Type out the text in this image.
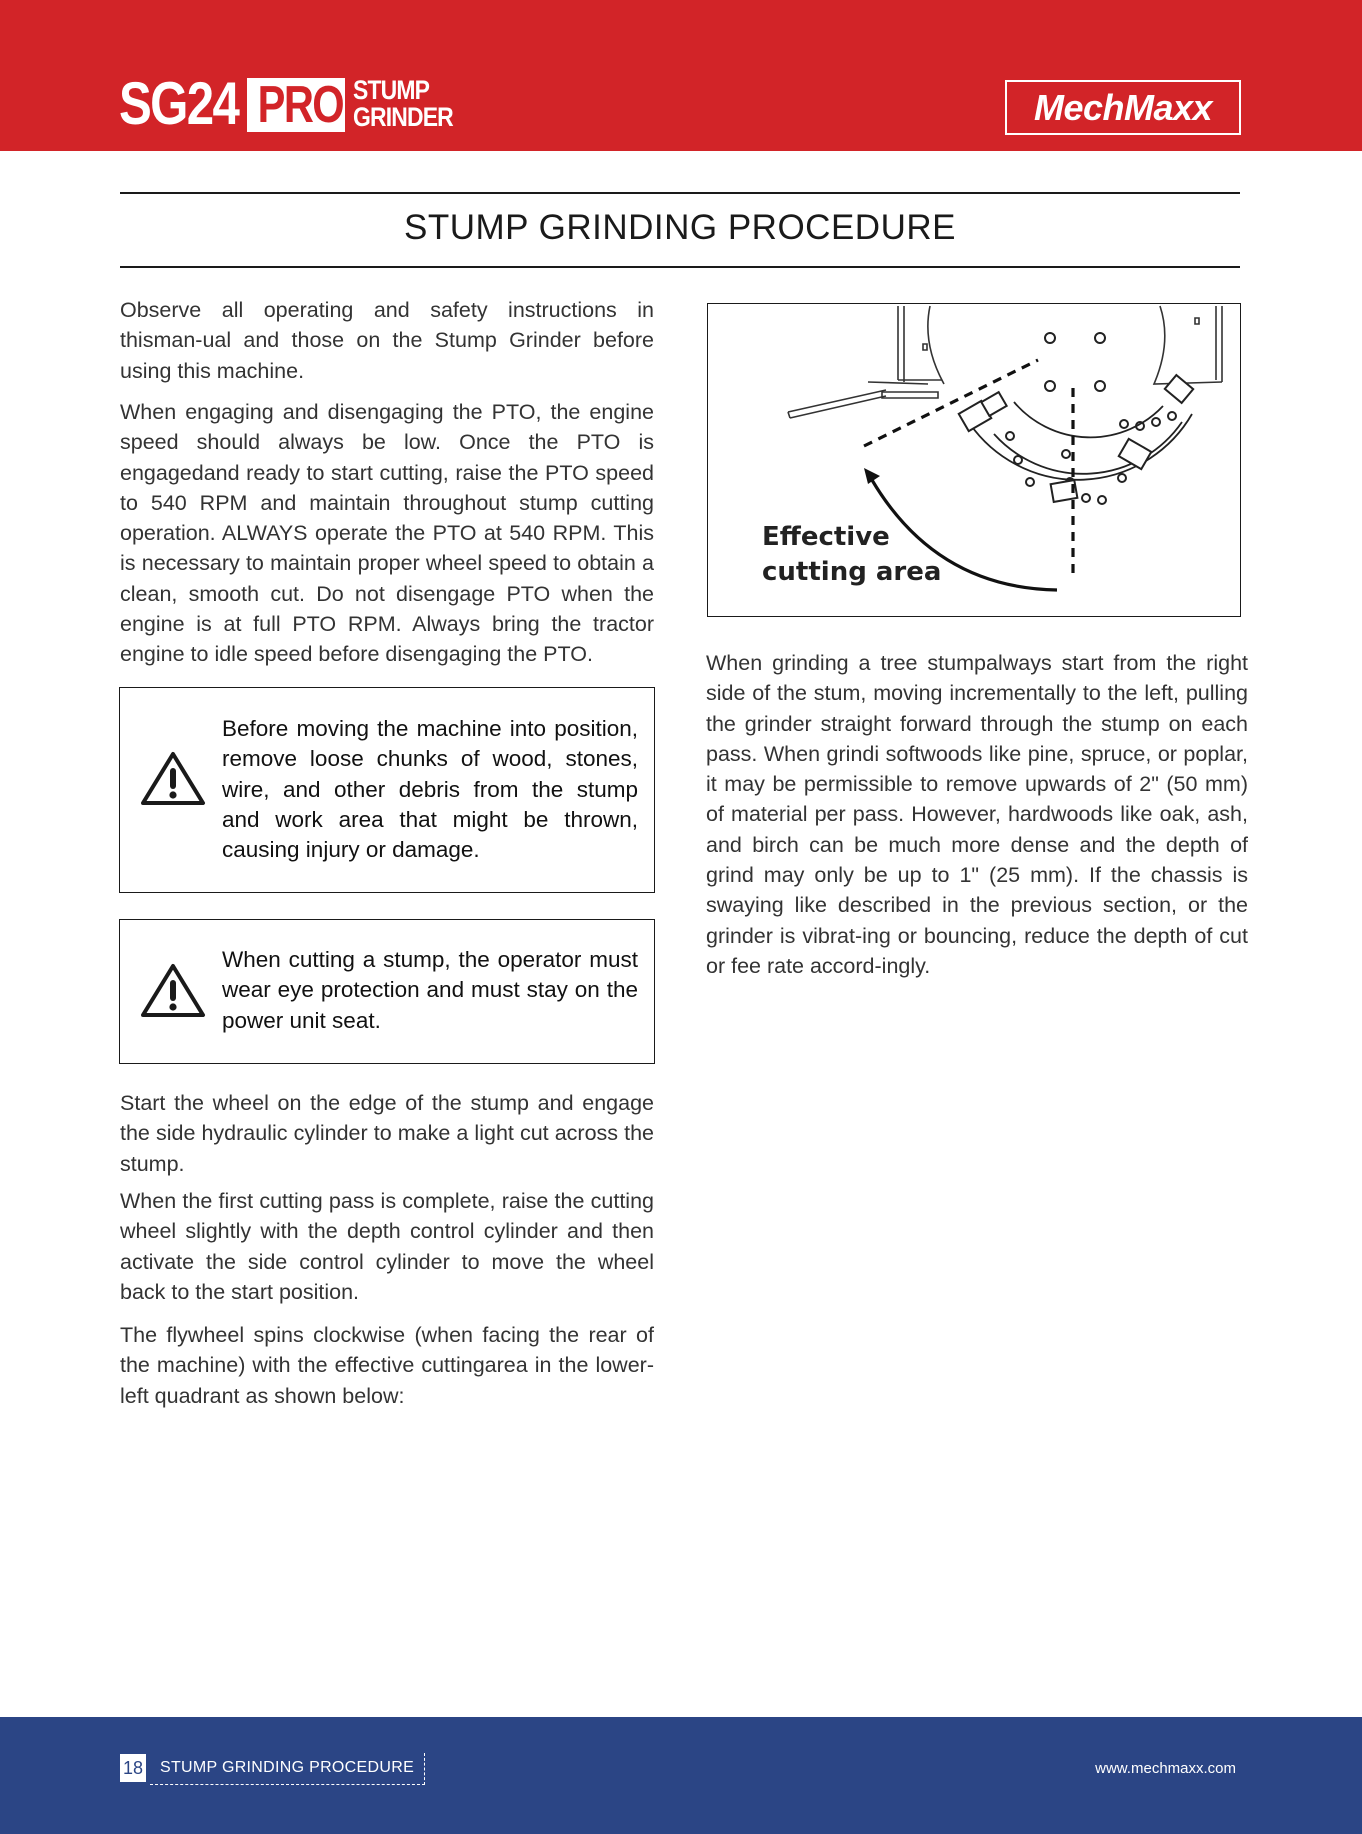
SG24 PRO STUMP
GRINDER	MechMaxx
STUMP GRINDING PROCEDURE

Observe all operating and safety instructions in thisman-ual and those on the Stump Grinder before using this machine.

When engaging and disengaging the PTO, the engine speed should always be low. Once the PTO is engagedand ready to start cutting, raise the PTO speed to 540 RPM and maintain throughout stump cutting operation. ALWAYS operate the PTO at 540 RPM. This is necessary to maintain proper wheel speed to obtain a clean, smooth cut. Do not disengage PTO when the engine is at full PTO RPM. Always bring the tractor engine to idle speed before disengaging the PTO.

Before moving the machine into position, remove loose chunks of wood, stones, wire, and other debris from the stump and work area that might be thrown, causing injury or damage.

When cutting a stump, the operator must wear eye protection and must stay on the power unit seat.

Start the wheel on the edge of the stump and engage the side hydraulic cylinder to make a light cut across the stump.

When the first cutting pass is complete, raise the cutting wheel slightly with the depth control cylinder and then activate the side control cylinder to move the wheel back to the start position.

The flywheel spins clockwise (when facing the rear of the machine) with the effective cuttingarea in the lower-left quadrant as shown below:

Effective
cutting area

When grinding a tree stumpalways start from the right side of the stum, moving incrementally to the left, pulling the grinder straight forward through the stump on each pass. When grindi softwoods like pine, spruce, or poplar, it may be permissible to remove upwards of 2" (50 mm) of material per pass. However, hardwoods like oak, ash, and birch can be much more dense and the depth of grind may only be up to 1" (25 mm). If the chassis is swaying like described in the previous section, or the grinder is vibrat-ing or bouncing, reduce the depth of cut or fee rate accord-ingly.

18	STUMP GRINDING PROCEDURE	www.mechmaxx.com
